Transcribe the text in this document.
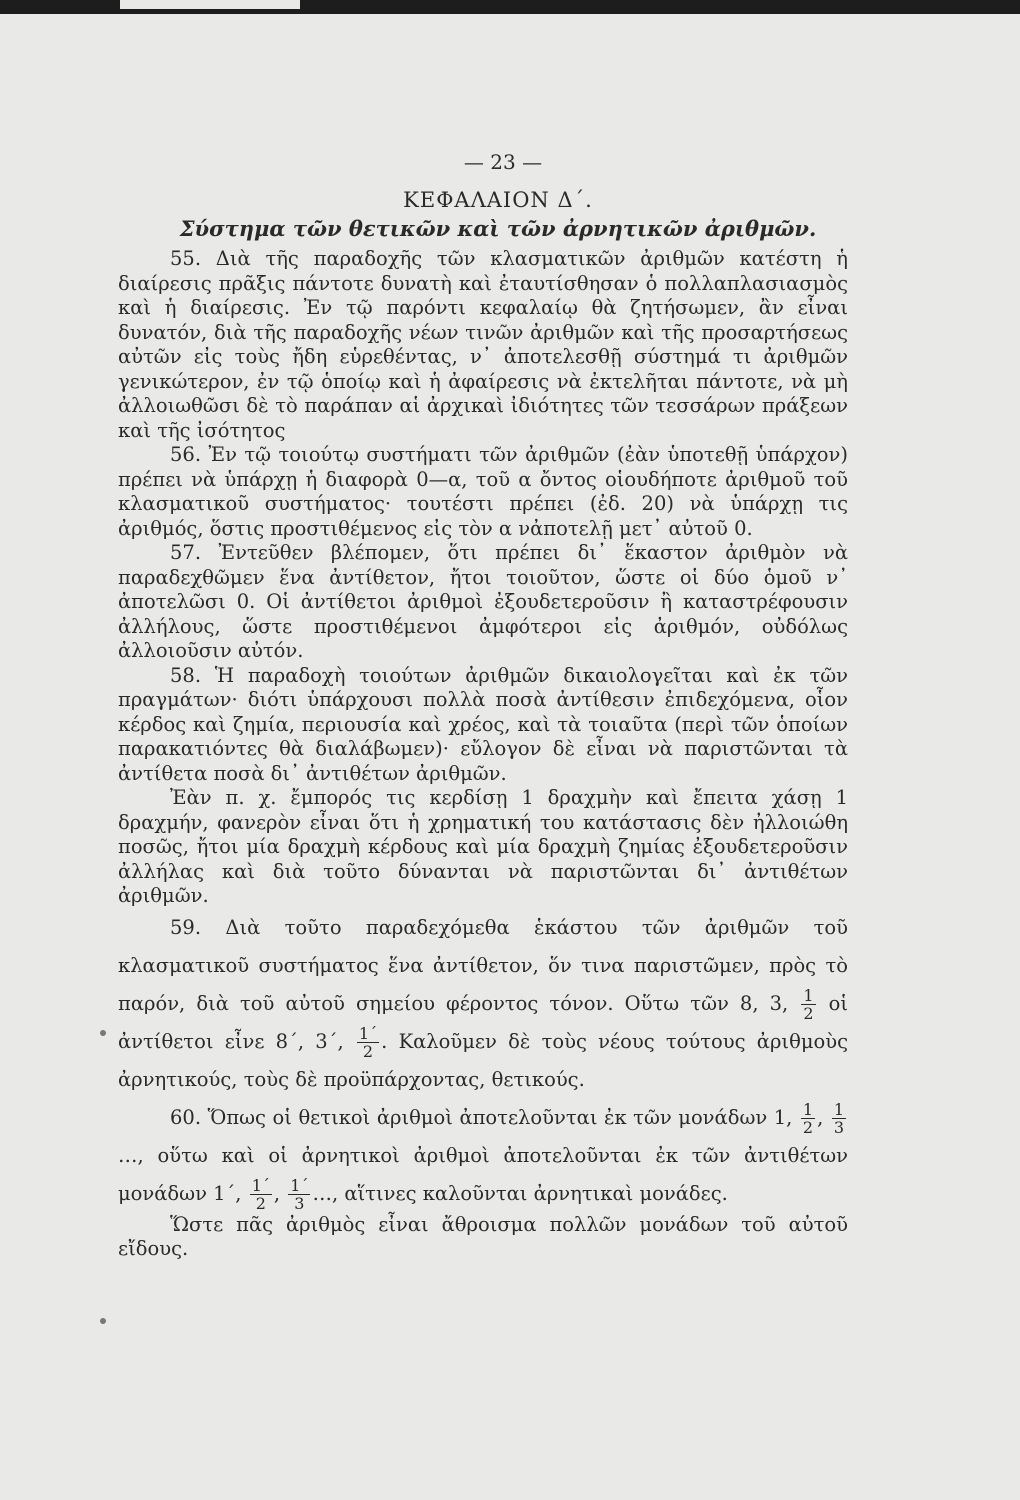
— 23 —
ΚΕΦΑΛΑΙΟΝ Δ΄.
Σύστημα τῶν θετικῶν καὶ τῶν ἀρνητικῶν ἀριθμῶν.

55. Διὰ τῆς παραδοχῆς τῶν κλασματικῶν ἀριθμῶν κατέστη ἡ διαίρεσις πρᾶξις πάντοτε δυνατὴ καὶ ἐταυτίσθησαν ὁ πολλαπλασιασμὸς καὶ ἡ διαίρεσις. Ἐν τῷ παρόντι κεφαλαίῳ θὰ ζητήσωμεν, ἂν εἶναι δυνατόν, διὰ τῆς παραδοχῆς νέων τινῶν ἀριθμῶν καὶ τῆς προσαρτήσεως αὐτῶν εἰς τοὺς ἤδη εὑρεθέντας, ν᾽ ἀποτελεσθῇ σύστημά τι ἀριθμῶν γενικώτερον, ἐν τῷ ὁποίῳ καὶ ἡ ἀφαίρεσις νὰ ἐκτελῆται πάντοτε, νὰ μὴ ἀλλοιωθῶσι δὲ τὸ παράπαν αἱ ἀρχικαὶ ἰδιότητες τῶν τεσσάρων πράξεων καὶ τῆς ἰσότητος

56. Ἐν τῷ τοιούτῳ συστήματι τῶν ἀριθμῶν (ἐὰν ὑποτεθῇ ὑπάρχον) πρέπει νὰ ὑπάρχῃ ἡ διαφορὰ 0—α, τοῦ α ὄντος οἱουδήποτε ἀριθμοῦ τοῦ κλασματικοῦ συστήματος· τουτέστι πρέπει (ἐδ. 20) νὰ ὑπάρχῃ τις ἀριθμός, ὅστις προστιθέμενος εἰς τὸν α νἀποτελῇ μετ᾽ αὐτοῦ 0.

57. Ἐντεῦθεν βλέπομεν, ὅτι πρέπει δι᾽ ἕκαστον ἀριθμὸν νὰ παραδεχθῶμεν ἕνα ἀντίθετον, ἤτοι τοιοῦτον, ὥστε οἱ δύο ὁμοῦ ν᾽ ἀποτελῶσι 0. Οἱ ἀντίθετοι ἀριθμοὶ ἐξουδετεροῦσιν ἢ καταστρέφουσιν ἀλλήλους, ὥστε προστιθέμενοι ἀμφότεροι εἰς ἀριθμόν, οὐδόλως ἀλλοιοῦσιν αὐτόν.

58. Ἡ παραδοχὴ τοιούτων ἀριθμῶν δικαιολογεῖται καὶ ἐκ τῶν πραγμάτων· διότι ὑπάρχουσι πολλὰ ποσὰ ἀντίθεσιν ἐπιδεχόμενα, οἷον κέρδος καὶ ζημία, περιουσία καὶ χρέος, καὶ τὰ τοιαῦτα (περὶ τῶν ὁποίων παρακατιόντες θὰ διαλάβωμεν)· εὔλογον δὲ εἶναι νὰ παριστῶνται τὰ ἀντίθετα ποσὰ δι᾽ ἀντιθέτων ἀριθμῶν.

Ἐὰν π. χ. ἔμπορός τις κερδίσῃ 1 δραχμὴν καὶ ἔπειτα χάσῃ 1 δραχμήν, φανερὸν εἶναι ὅτι ἡ χρηματική του κατάστασις δὲν ἠλλοιώθη ποσῶς, ἤτοι μία δραχμὴ κέρδους καὶ μία δραχμὴ ζημίας ἐξουδετεροῦσιν ἀλλήλας καὶ διὰ τοῦτο δύνανται νὰ παριστῶνται δι᾽ ἀντιθέτων ἀριθμῶν.

59. Διὰ τοῦτο παραδεχόμεθα ἑκάστου τῶν ἀριθμῶν τοῦ κλασματικοῦ συστήματος ἕνα ἀντίθετον, ὅν τινα παριστῶμεν, πρὸς τὸ παρόν, διὰ τοῦ αὐτοῦ σημείου φέροντος τόνον. Οὕτω τῶν 8, 3, $\frac{1}{2}$ οἱ ἀντίθετοι εἶνε 8΄, 3΄, $\frac{1΄}{2}$ . Καλοῦμεν δὲ τοὺς νέους τούτους ἀριθμοὺς ἀρνητικούς, τοὺς δὲ προϋπάρχοντας, θετικούς.

60. Ὅπως οἱ θετικοὶ ἀριθμοὶ ἀποτελοῦνται ἐκ τῶν μονάδων 1, $\frac{1}{2}$ , $\frac{1}{3}$
…, οὕτω καὶ οἱ ἀρνητικοὶ ἀριθμοὶ ἀποτελοῦνται ἐκ τῶν ἀντιθέτων μονάδων 1΄, $\frac{1΄}{2}$ , $\frac{1΄}{3}$ …, αἵτινες καλοῦνται ἀρνητικαὶ μονάδες.

Ὥστε πᾶς ἀριθμὸς εἶναι ἄθροισμα πολλῶν μονάδων τοῦ αὐτοῦ εἴδους.
